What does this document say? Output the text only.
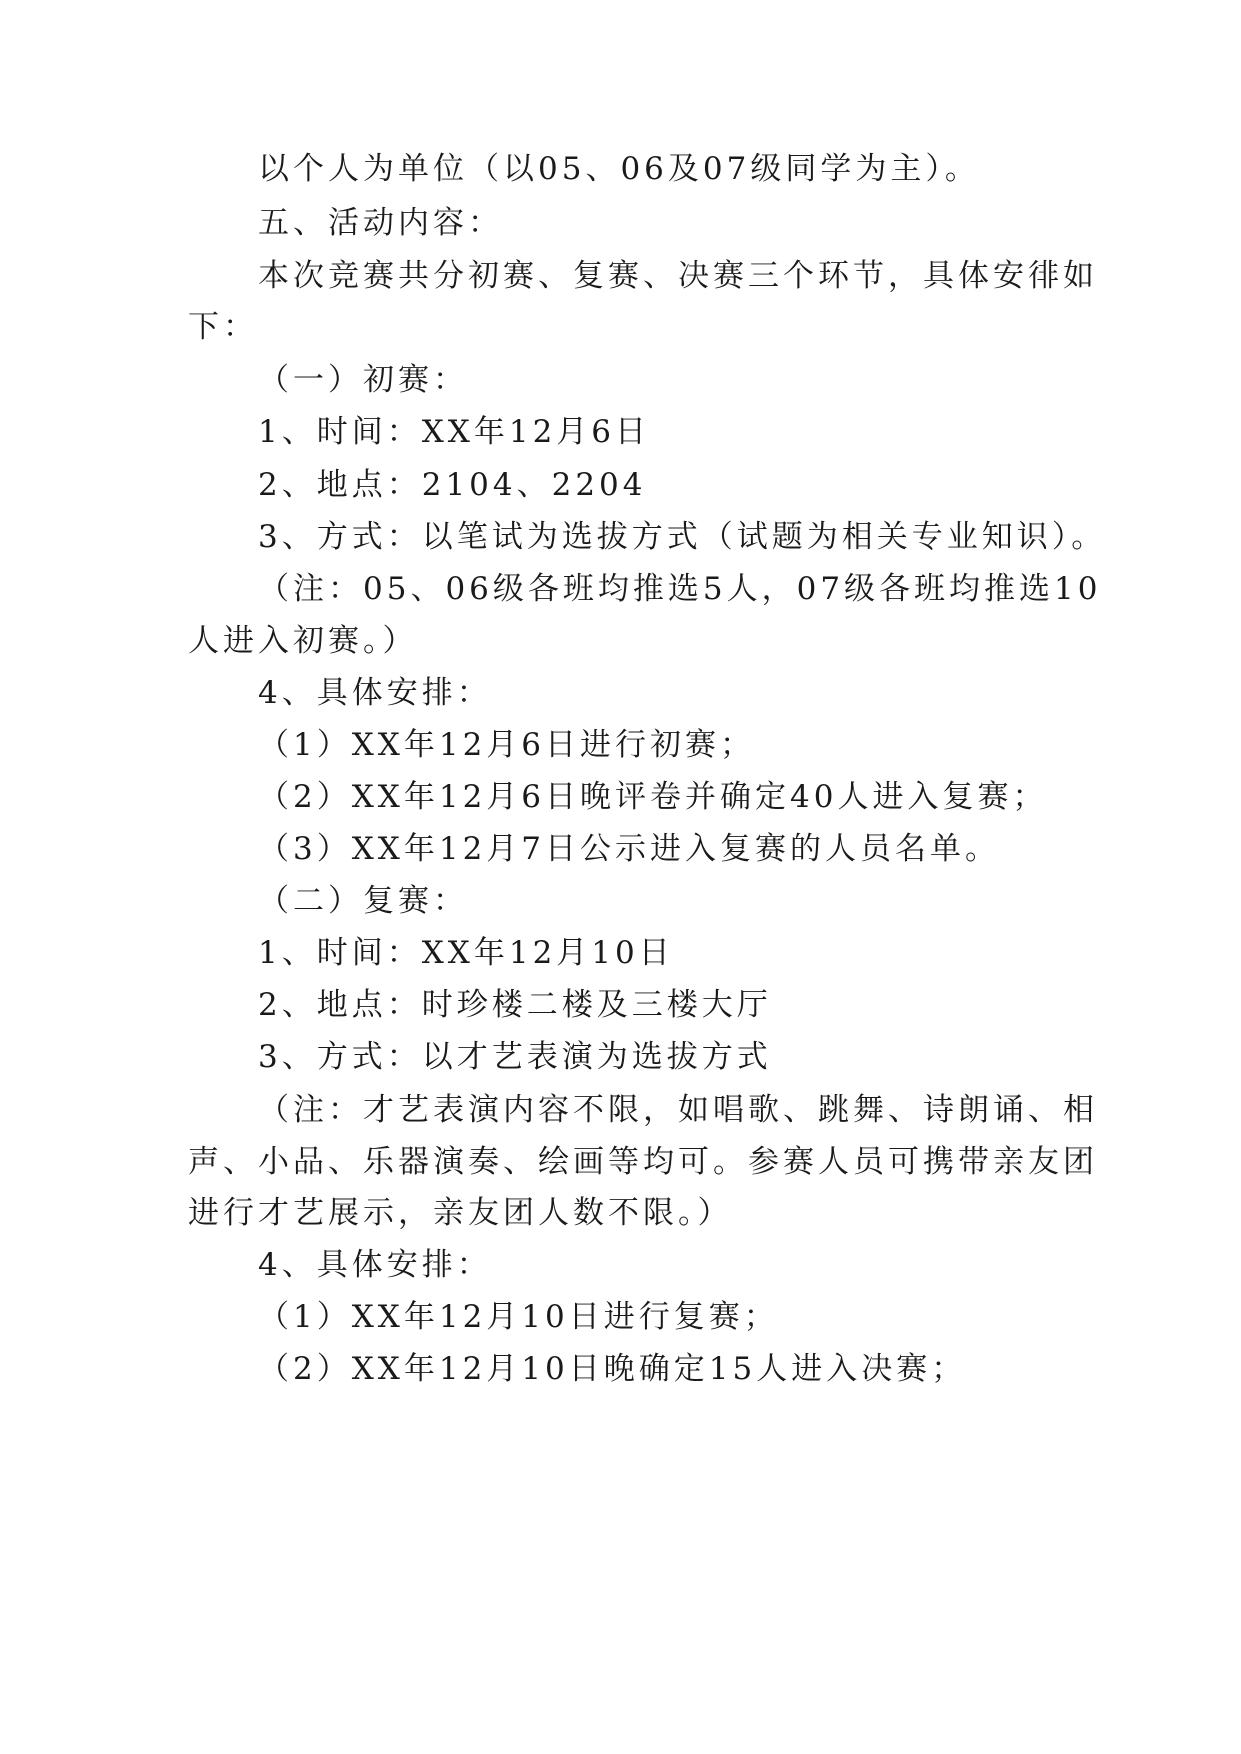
以个人为单位（以05、06及07级同学为主）。

五、活动内容：

本次竞赛共分初赛、复赛、决赛三个环节，具体安徘如

下：

（一）初赛：

1、时间：XX年12月6日

2、地点：2104、2204

3、方式：以笔试为选拔方式（试题为相关专业知识）。

（注：05、06级各班均推选5人，07级各班均推选10

人进入初赛。）

4、具体安排：

（1）XX年12月6日进行初赛；

（2）XX年12月6日晚评卷并确定40人进入复赛；

（3）XX年12月7日公示进入复赛的人员名单。

（二）复赛：

1、时间：XX年12月10日

2、地点：时珍楼二楼及三楼大厅

3、方式：以才艺表演为选拔方式

（注：才艺表演内容不限，如唱歌、跳舞、诗朗诵、相

声、小品、乐器演奏、绘画等均可。参赛人员可携带亲友团

进行才艺展示，亲友团人数不限。）

4、具体安排：

（1）XX年12月10日进行复赛；

（2）XX年12月10日晚确定15人进入决赛；
